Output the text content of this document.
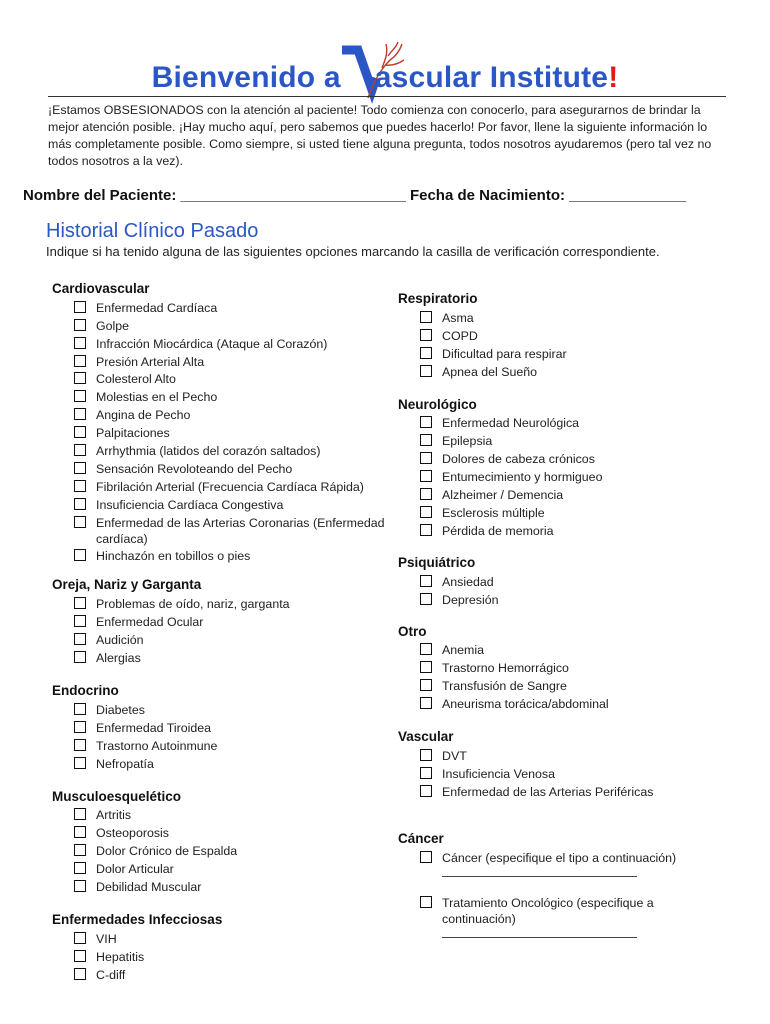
Bienvenido a ascular Institute!
¡Estamos OBSESIONADOS con la atención al paciente! Todo comienza con conocerlo, para asegurarnos de brindar la mejor atención posible. ¡Hay mucho aquí, pero sabemos que puedes hacerlo! Por favor, llene la siguiente información lo más completamente posible. Como siempre, si usted tiene alguna pregunta, todos nosotros ayudaremos (pero tal vez no todos nosotros a la vez).
Nombre del Paciente: ___________________________ Fecha de Nacimiento: ______________
Historial Clínico Pasado
Indique si ha tenido alguna de las siguientes opciones marcando la casilla de verificación correspondiente.
Cardiovascular
Enfermedad Cardíaca
Golpe
Infracción Miocárdica (Ataque al Corazón)
Presión Arterial Alta
Colesterol Alto
Molestias en el Pecho
Angina de Pecho
Palpitaciones
Arrhythmia (latidos del corazón saltados)
Sensación Revoloteando del Pecho
Fibrilación Arterial (Frecuencia Cardíaca Rápida)
Insuficiencia Cardíaca Congestiva
Enfermedad de las Arterias Coronarias (Enfermedad cardíaca)
Hinchazón en tobillos o pies
Oreja, Nariz y Garganta
Problemas de oído, nariz, garganta
Enfermedad Ocular
Audición
Alergias
Endocrino
Diabetes
Enfermedad Tiroidea
Trastorno Autoinmune
Nefropatía
Musculoesquelético
Artritis
Osteoporosis
Dolor Crónico de Espalda
Dolor Articular
Debilidad Muscular
Enfermedades Infecciosas
VIH
Hepatitis
C-diff
Respiratorio
Asma
COPD
Dificultad para respirar
Apnea del Sueño
Neurológico
Enfermedad Neurológica
Epilepsia
Dolores de cabeza crónicos
Entumecimiento y hormigueo
Alzheimer / Demencia
Esclerosis múltiple
Pérdida de memoria
Psiquiátrico
Ansiedad
Depresión
Otro
Anemia
Trastorno Hemorrágico
Transfusión de Sangre
Aneurisma torácica/abdominal
Vascular
DVT
Insuficiencia Venosa
Enfermedad de las Arterias Periféricas
Cáncer
Cáncer (especifique el tipo a continuación)
Tratamiento Oncológico (especifique a continuación)
